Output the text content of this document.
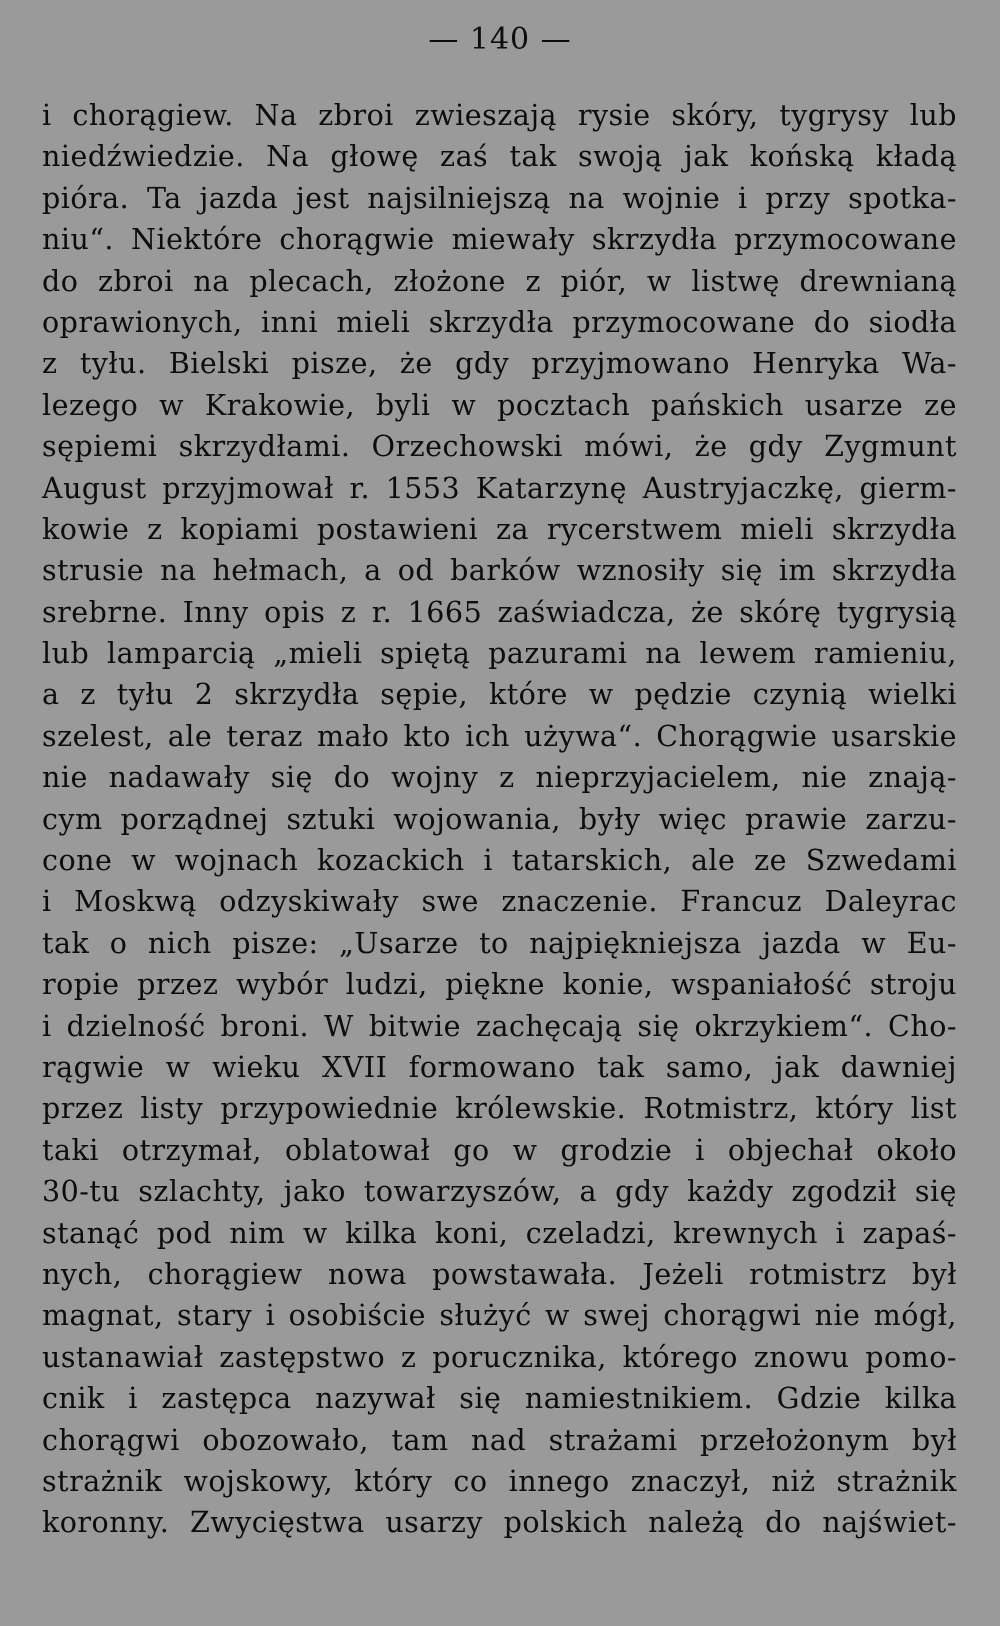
— 140 —
i chorągiew. Na zbroi zwieszają rysie skóry, tygrysy lub
niedźwiedzie. Na głowę zaś tak swoją jak końską kładą
pióra. Ta jazda jest najsilniejszą na wojnie i przy spotka-
niu“. Niektóre chorągwie miewały skrzydła przymocowane
do zbroi na plecach, złożone z piór, w listwę drewnianą
oprawionych, inni mieli skrzydła przymocowane do siodła
z tyłu. Bielski pisze, że gdy przyjmowano Henryka Wa-
lezego w Krakowie, byli w pocztach pańskich usarze ze
sępiemi skrzydłami. Orzechowski mówi, że gdy Zygmunt
August przyjmował r. 1553 Katarzynę Austryjaczkę, gierm-
kowie z kopiami postawieni za rycerstwem mieli skrzydła
strusie na hełmach, a od barków wznosiły się im skrzydła
srebrne. Inny opis z r. 1665 zaświadcza, że skórę tygrysią
lub lamparcią „mieli spiętą pazurami na lewem ramieniu,
a z tyłu 2 skrzydła sępie, które w pędzie czynią wielki
szelest, ale teraz mało kto ich używa“. Chorągwie usarskie
nie nadawały się do wojny z nieprzyjacielem, nie znają-
cym porządnej sztuki wojowania, były więc prawie zarzu-
cone w wojnach kozackich i tatarskich, ale ze Szwedami
i Moskwą odzyskiwały swe znaczenie. Francuz Daleyrac
tak o nich pisze: „Usarze to najpiękniejsza jazda w Eu-
ropie przez wybór ludzi, piękne konie, wspaniałość stroju
i dzielność broni. W bitwie zachęcają się okrzykiem“. Cho-
rągwie w wieku XVII formowano tak samo, jak dawniej
przez listy przypowiednie królewskie. Rotmistrz, który list
taki otrzymał, oblatował go w grodzie i objechał około
30-tu szlachty, jako towarzyszów, a gdy każdy zgodził się
stanąć pod nim w kilka koni, czeladzi, krewnych i zapaś-
nych, chorągiew nowa powstawała. Jeżeli rotmistrz był
magnat, stary i osobiście służyć w swej chorągwi nie mógł,
ustanawiał zastępstwo z porucznika, którego znowu pomo-
cnik i zastępca nazywał się namiestnikiem. Gdzie kilka
chorągwi obozowało, tam nad strażami przełożonym był
strażnik wojskowy, który co innego znaczył, niż strażnik
koronny. Zwycięstwa usarzy polskich należą do najświet-
